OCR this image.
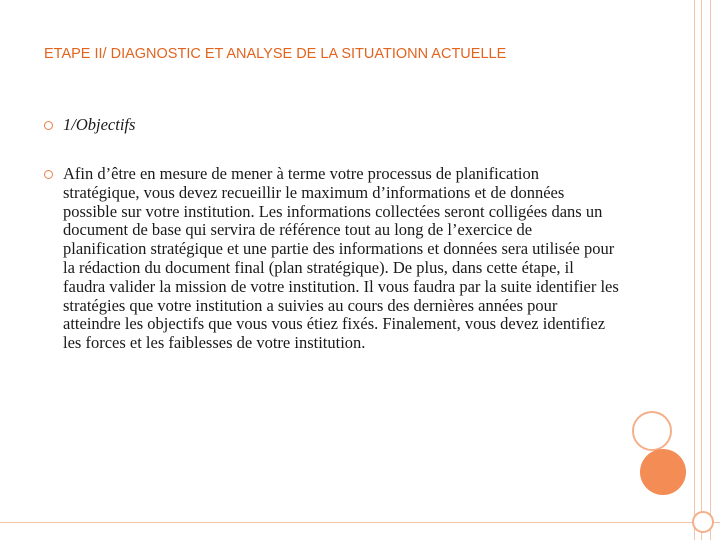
ETAPE II/ DIAGNOSTIC ET ANALYSE DE LA SITUATIONN ACTUELLE
1/Objectifs
Afin d’être en mesure de mener à terme votre processus de planification stratégique, vous devez recueillir le maximum d’informations et de données possible sur votre institution. Les informations collectées seront colligées dans un document de base qui servira de référence tout au long de l’exercice de planification stratégique et une partie des informations et données sera utilisée pour la rédaction du document final (plan stratégique). De plus, dans cette étape, il faudra valider la mission de votre institution. Il vous faudra par la suite identifier les stratégies que votre institution a suivies au cours des dernières années pour atteindre les objectifs que vous vous étiez fixés. Finalement, vous devez identifiez les forces et les faiblesses de votre institution.
